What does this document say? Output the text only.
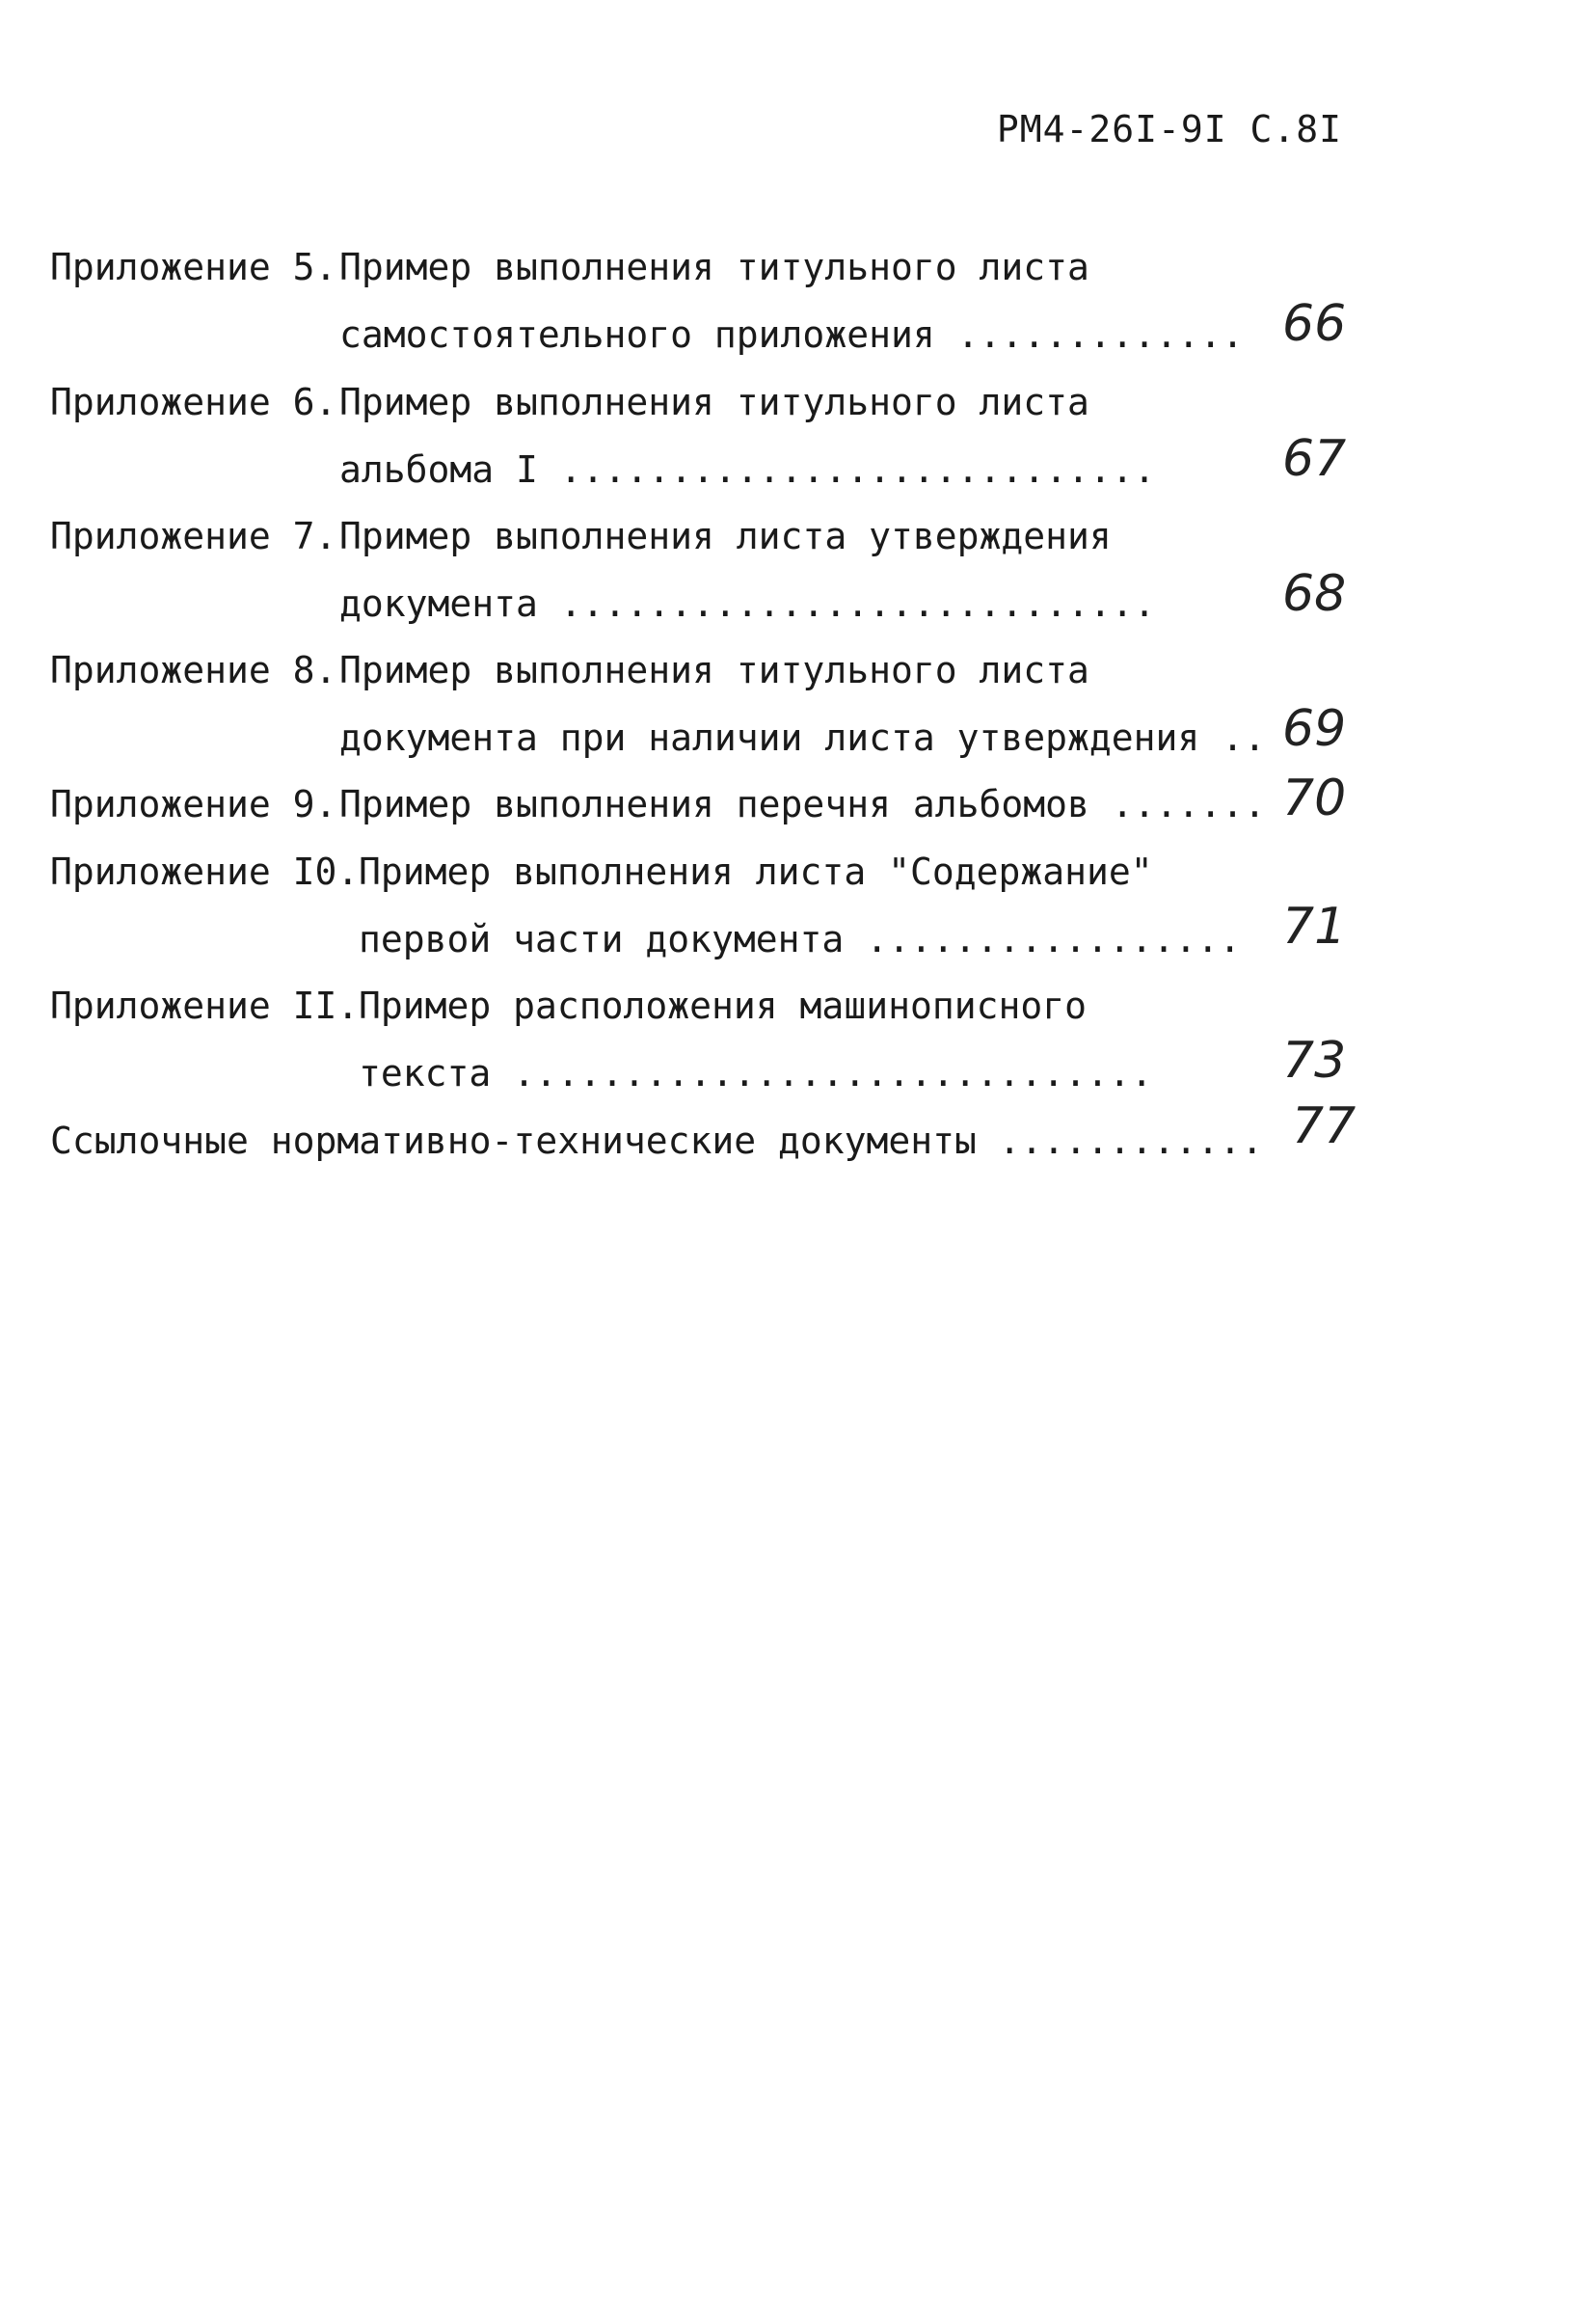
РМ4-26I-9I С.8I
Приложение 5. Пример выполнения титульного листа
самостоятельного приложения ............. 66
Приложение 6. Пример выполнения титульного листа
альбома I ...........................	67
Приложение 7. Пример выполнения листа утверждения
документа ...........................	68
Приложение 8. Пример выполнения титульного листа
документа при наличии листа утверждения .. 69
Приложение 9. Пример выполнения перечня альбомов ....... 70
Приложение I0. Пример выполнения листа "Содержание"
первой части документа ................. 71
Приложение II. Пример расположения машинописного
текста .............................	73
Ссылочные нормативно-технические документы ............ 77
